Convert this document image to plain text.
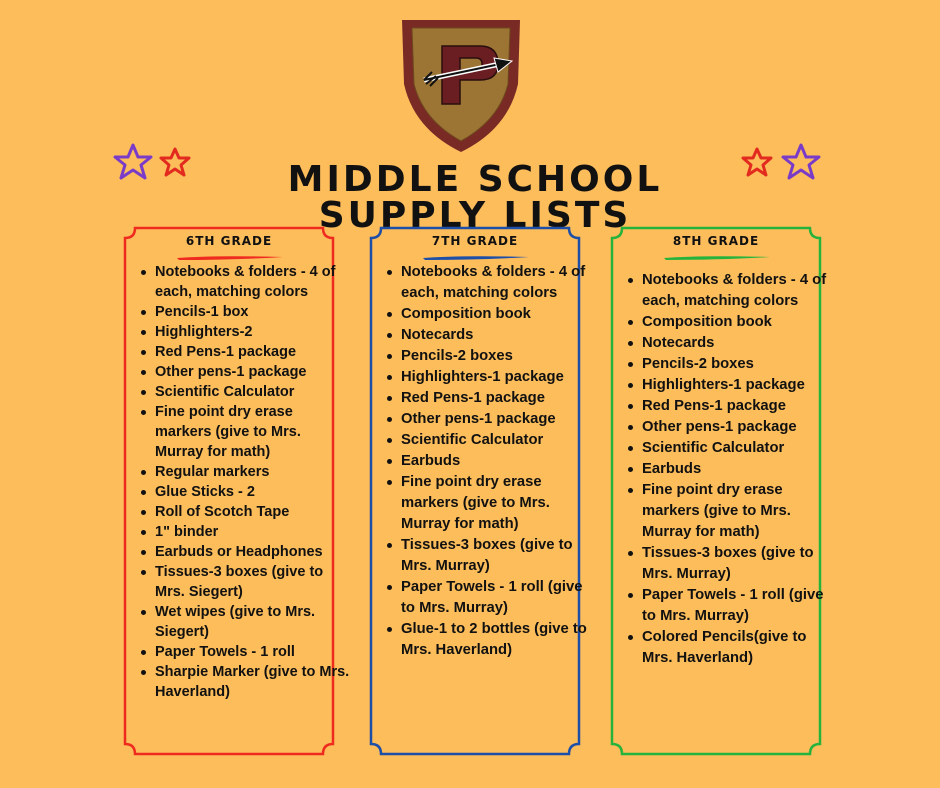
MIDDLE SCHOOL SUPPLY LISTS
6TH GRADE
Notebooks & folders - 4 of each, matching colors
Pencils-1 box
Highlighters-2
Red Pens-1 package
Other pens-1 package
Scientific Calculator
Fine point dry erase markers (give to Mrs. Murray for math)
Regular markers
Glue Sticks - 2
Roll of Scotch Tape
1" binder
Earbuds or Headphones
Tissues-3 boxes (give to Mrs. Siegert)
Wet wipes (give to Mrs. Siegert)
Paper Towels - 1 roll
Sharpie Marker (give to Mrs. Haverland)
7TH GRADE
Notebooks & folders - 4 of each, matching colors
Composition book
Notecards
Pencils-2 boxes
Highlighters-1 package
Red Pens-1 package
Other pens-1 package
Scientific Calculator
Earbuds
Fine point dry erase markers (give to Mrs. Murray for math)
Tissues-3 boxes (give to Mrs. Murray)
Paper Towels - 1 roll (give to Mrs. Murray)
Glue-1 to 2 bottles (give to Mrs. Haverland)
8TH GRADE
Notebooks & folders - 4 of each, matching colors
Composition book
Notecards
Pencils-2 boxes
Highlighters-1 package
Red Pens-1 package
Other pens-1 package
Scientific Calculator
Earbuds
Fine point dry erase markers (give to Mrs. Murray for math)
Tissues-3 boxes (give to Mrs. Murray)
Paper Towels - 1 roll (give to Mrs. Murray)
Colored Pencils(give to Mrs. Haverland)
